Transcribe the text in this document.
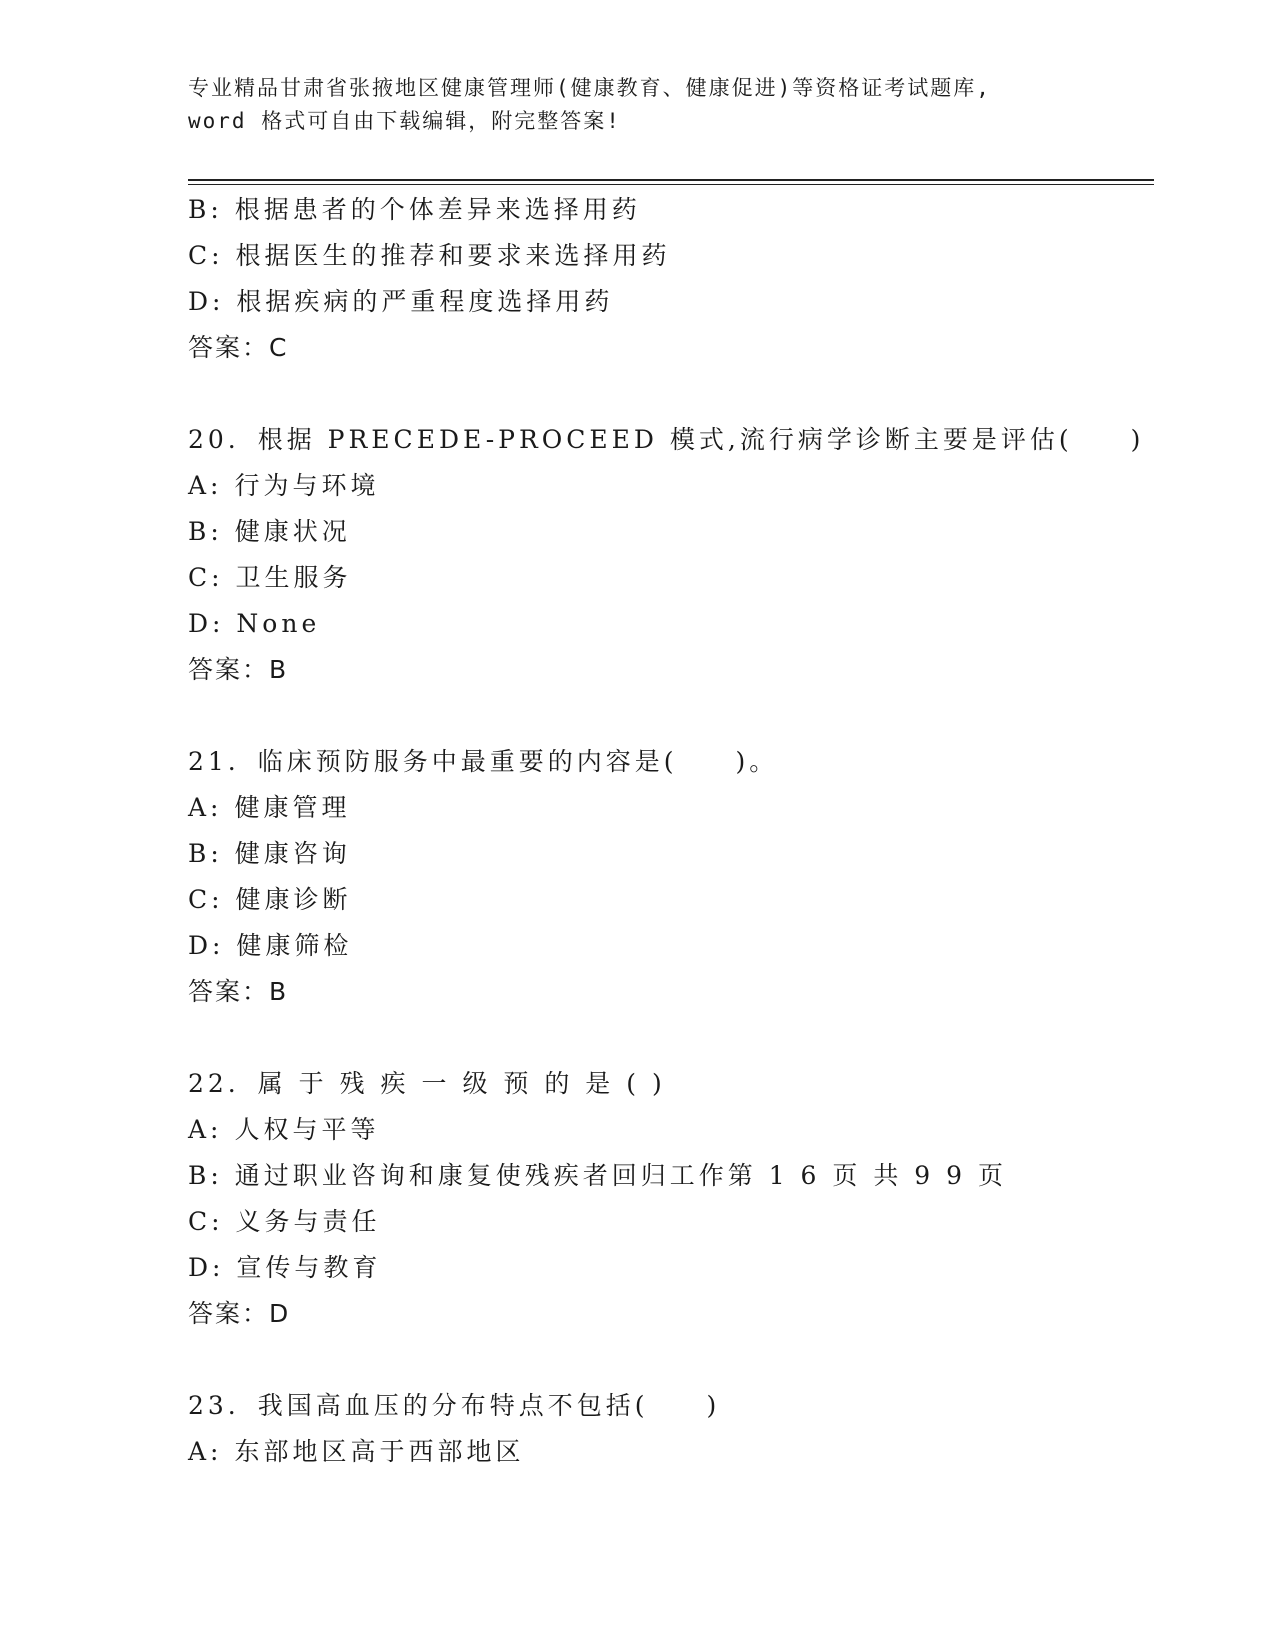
专业精品甘肃省张掖地区健康管理师(健康教育、健康促进)等资格证考试题库,
word 格式可自由下载编辑，附完整答案!
B: 根据患者的个体差异来选择用药
C: 根据医生的推荐和要求来选择用药
D: 根据疾病的严重程度选择用药
答案：C
20. 根据 PRECEDE-PROCEED 模式,流行病学诊断主要是评估(　　)
A: 行为与环境
B: 健康状况
C: 卫生服务
D: None
答案：B
21. 临床预防服务中最重要的内容是(　　)。
A: 健康管理
B: 健康咨询
C: 健康诊断
D: 健康筛检
答案：B
22. 属 于 残 疾 一 级 预 的 是 ( )
A: 人权与平等
B: 通过职业咨询和康复使残疾者回归工作第 1 6 页 共 9 9 页
C: 义务与责任
D: 宣传与教育
答案：D
23. 我国高血压的分布特点不包括(　　)
A: 东部地区高于西部地区
